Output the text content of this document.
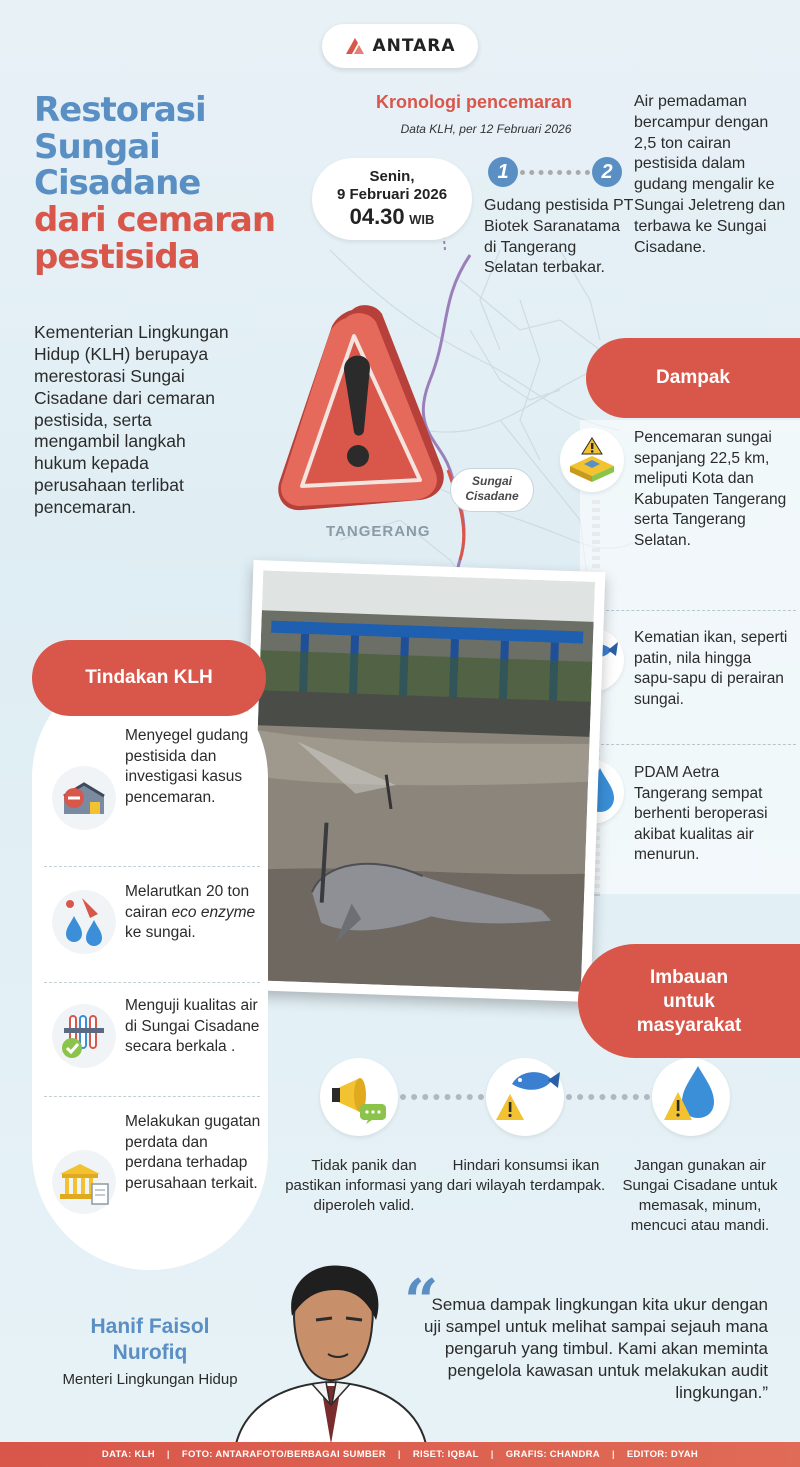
ANTARA
Restorasi
Sungai
Cisadane
dari cemaran
pestisida
Kementerian Lingkungan Hidup (KLH) berupaya merestorasi Sungai Cisadane dari cemaran pestisida, serta mengambil langkah hukum kepada perusahaan terlibat pencemaran.
Kronologi pencemaran
Data KLH, per 12 Februari 2026
Senin,
9 Februari 2026
04.30 WIB
1	2
Gudang pestisida PT Biotek Saranatama di Tangerang Selatan terbakar.
Air pemadaman bercampur dengan 2,5 ton cairan pestisida dalam gudang mengalir ke Sungai Jeletreng dan terbawa ke Sungai Cisadane.
Sungai
Cisadane
TANGERANG
Dampak
Pencemaran sungai sepanjang 22,5 km, meliputi Kota dan Kabupaten Tangerang serta Tangerang Selatan.
Kematian ikan, seperti patin, nila hingga sapu-sapu di perairan sungai.
PDAM Aetra Tangerang sempat berhenti beroperasi akibat kualitas air menurun.
Tindakan KLH
Menyegel gudang pestisida dan investigasi kasus pencemaran.
Melarutkan 20 ton cairan eco enzyme ke sungai.
Menguji kualitas air di Sungai Cisadane secara berkala .
Melakukan gugatan perdata dan perdana terhadap perusahaan terkait.
Imbauan
untuk
masyarakat
Tidak panik dan pastikan informasi yang diperoleh valid.
Hindari konsumsi ikan dari wilayah terdampak.
Jangan gunakan air Sungai Cisadane untuk memasak, minum, mencuci atau mandi.
Hanif Faisol
Nurofiq
Menteri Lingkungan Hidup
“
Semua dampak lingkungan kita ukur dengan uji sampel untuk melihat sampai sejauh mana pengaruh yang timbul. Kami akan meminta pengelola kawasan untuk melakukan audit lingkungan.”
DATA: KLH | FOTO: ANTARAFOTO/BERBAGAI SUMBER | RISET: IQBAL | GRAFIS: CHANDRA | EDITOR: DYAH
